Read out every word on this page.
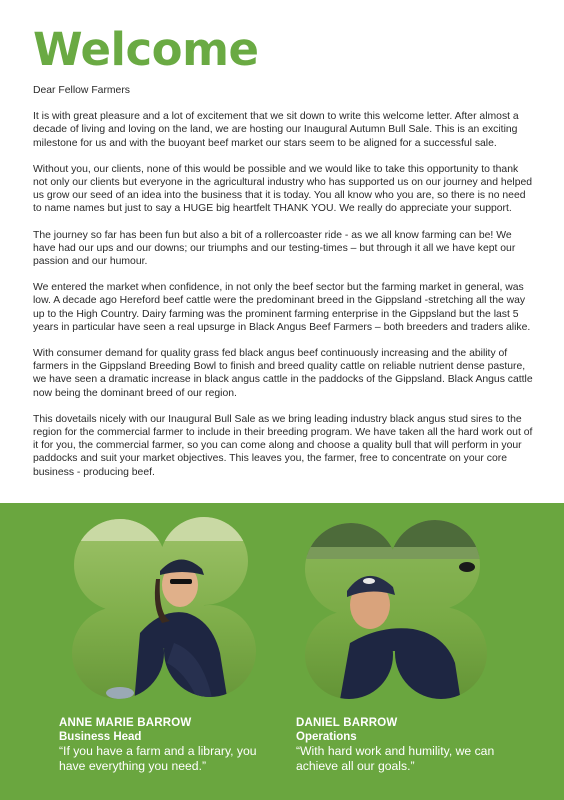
Welcome

Dear Fellow Farmers

It is with great pleasure and a lot of excitement that we sit down to write this welcome letter. After almost a decade of living and loving on the land, we are hosting our Inaugural Autumn Bull Sale. This is an exciting milestone for us and with the buoyant beef market our stars seem to be aligned for a successful sale.

Without you, our clients, none of this would be possible and we would like to take this opportunity to thank not only our clients but everyone in the agricultural industry who has supported us on our journey and helped us grow our seed of an idea into the business that it is today. You all know who you are, so there is no need to name names but just to say a HUGE big heartfelt THANK YOU. We really do appreciate your support.

The journey so far has been fun but also a bit of a rollercoaster ride - as we all know farming can be! We have had our ups and our downs; our triumphs and our testing-times – but through it all we have kept our passion and our humour.

We entered the market when confidence, in not only the beef sector but the farming market in general, was low. A decade ago Hereford beef cattle were the predominant breed in the Gippsland -stretching all the way up to the High Country. Dairy farming was the prominent farming enterprise in the Gippsland but the last 5 years in particular have seen a real upsurge in Black Angus Beef Farmers – both breeders and traders alike.

With consumer demand for quality grass fed black angus beef continuously increasing and the ability of farmers in the Gippsland Breeding Bowl to finish and breed quality cattle on reliable nutrient dense pasture, we have seen a dramatic increase in black angus cattle in the paddocks of the Gippsland. Black Angus cattle now being the dominant breed of our region.

This dovetails nicely with our Inaugural Bull Sale as we bring leading industry black angus stud sires to the region for the commercial farmer to include in their breeding program. We have taken all the hard work out of it for you, the commercial farmer, so you can come along and choose a quality bull that will perform in your paddocks and suit your market objectives. This leaves you, the farmer, free to concentrate on your core business - producing beef.

ANNE MARIE BARROW
Business Head
“If you have a farm and a library, you have everything you need.”
DANIEL BARROW
Operations
“With hard work and humility, we can achieve all our goals.”
